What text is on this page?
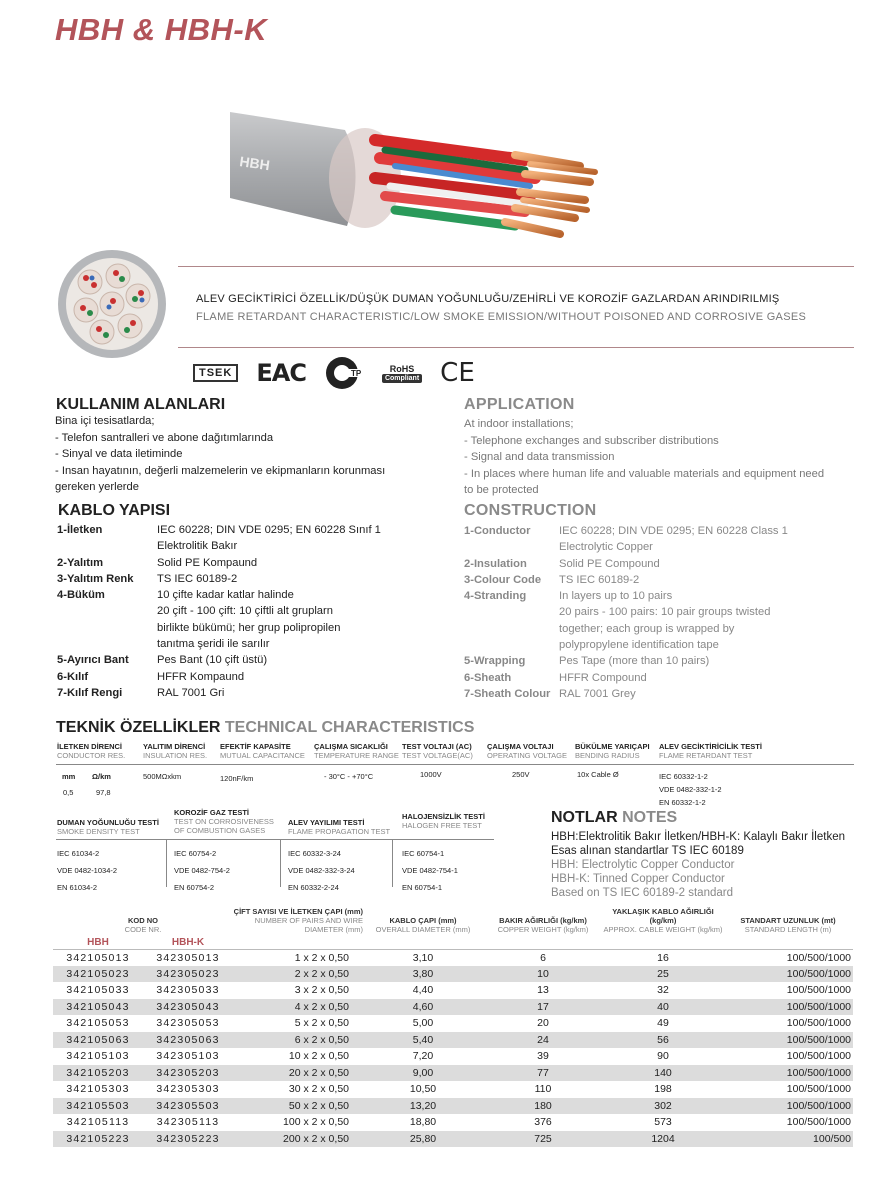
HBH & HBH-K
HBH
ALEV GECİKTİRİCİ ÖZELLİK/DÜŞÜK DUMAN YOĞUNLUĞU/ZEHİRLİ VE KOROZİF GAZLARDAN ARINDIRILMIŞ
FLAME RETARDANT CHARACTERISTIC/LOW SMOKE EMISSION/WITHOUT POISONED AND CORROSIVE GASES
TSEK EAC	TP	RoHS
Compliant CE
KULLANIM ALANLARI
Bina içi tesisatlarda;
- Telefon santralleri ve abone dağıtımlarında
- Sinyal ve data iletiminde
- Insan hayatının, değerli malzemelerin ve ekipmanların korunması
gereken yerlerde
APPLICATION
At indoor installations;
- Telephone exchanges and subscriber distributions
- Signal and data transmission
- In places where human life and valuable materials and equipment need
to be protected
KABLO YAPISI
1-İletken	IEC 60228; DIN VDE 0295; EN 60228 Sınıf 1
Elektrolitik Bakır
2-Yalıtım	Solid PE Kompaund
3-Yalıtım Renk	TS IEC 60189-2
4-Büküm	10 çifte kadar katlar halinde
20 çift - 100 çift: 10 çiftli alt gruplarn
birlikte bükümü; her grup polipropilen
tanıtma şeridi ile sarılır
5-Ayırıcı Bant	Pes Bant (10 çift üstü)
6-Kılıf	HFFR Kompaund
7-Kılıf Rengi	RAL 7001 Gri
CONSTRUCTION
1-Conductor	IEC 60228; DIN VDE 0295; EN 60228 Class 1
Electrolytic Copper
2-Insulation	Solid PE Compound
3-Colour Code	TS IEC 60189-2
4-Stranding	In layers up to 10 pairs
20 pairs - 100 pairs: 10 pair groups twisted
together; each group is wrapped by
polypropylene identification tape
5-Wrapping	Pes Tape (more than 10 pairs)
6-Sheath	HFFR Compound
7-Sheath Colour RAL 7001 Grey
TEKNİK ÖZELLİKLER TECHNICAL CHARACTERISTICS
İLETKEN DİRENCİ
CONDUCTOR RES.
YALITIM DİRENCİ
INSULATION RES.
EFEKTİF KAPASİTE
MUTUAL CAPACITANCE
ÇALIŞMA SICAKLIĞI
TEMPERATURE RANGE
TEST VOLTAJI (AC)
TEST VOLTAGE(AC)
ÇALIŞMA VOLTAJI
OPERATING VOLTAGE
BÜKÜLME YARIÇAPI
BENDING RADIUS
ALEV GECİKTİRİCİLİK TESTİ
FLAME RETARDANT TEST
mm Ω/km
0,5	97,8
500MΩxkm	120nF/km	- 30°C - +70°C	1000V	250V	10x Cable Ø	IEC 60332-1-2
VDE 0482-332-1-2
EN 60332-1-2
DUMAN YOĞUNLUĞU TESTİ
SMOKE DENSITY TEST
KOROZİF GAZ TESTİ
TEST ON CORROSIVENESS OF COMBUSTION GASES
ALEV YAYILIMI TESTİ
FLAME PROPAGATION TEST
HALOJENSİZLİK TESTİ
HALOGEN FREE TEST
IEC 61034-2
VDE 0482-1034-2
EN 61034-2
IEC 60754-2
VDE 0482-754-2
EN 60754-2
IEC 60332-3-24
VDE 0482-332-3-24
EN 60332-2-24
IEC 60754-1
VDE 0482-754-1
EN 60754-1
NOTLAR NOTES
HBH:Elektrolitik Bakır İletken/HBH-K: Kalaylı Bakır İletken
Esas alınan standartlar TS IEC 60189
HBH: Electrolytic Copper Conductor
HBH-K: Tinned Copper Conductor
Based on TS IEC 60189-2 standard
KOD NO
CODE NR.		ÇİFT SAYISI VE İLETKEN ÇAPI (mm)
NUMBER OF PAIRS AND WIRE DIAMETER (mm)	KABLO ÇAPI (mm)
OVERALL DIAMETER (mm)	BAKIR AĞIRLIĞI (kg/km)
COPPER WEIGHT (kg/km)	YAKLAŞIK KABLO AĞIRLIĞI (kg/km)
APPROX. CABLE WEIGHT (kg/km)	STANDART UZUNLUK (mt)
STANDARD LENGTH (m)

HBH	HBH-K					
342105013	342305013	1 x 2 x 0,50	3,10	6	16	100/500/1000
342105023	342305023	2 x 2 x 0,50	3,80	10	25	100/500/1000
342105033	342305033	3 x 2 x 0,50	4,40	13	32	100/500/1000
342105043	342305043	4 x 2 x 0,50	4,60	17	40	100/500/1000
342105053	342305053	5 x 2 x 0,50	5,00	20	49	100/500/1000
342105063	342305063	6 x 2 x 0,50	5,40	24	56	100/500/1000
342105103	342305103	10 x 2 x 0,50	7,20	39	90	100/500/1000
342105203	342305203	20 x 2 x 0,50	9,00	77	140	100/500/1000
342105303	342305303	30 x 2 x 0,50	10,50	110	198	100/500/1000
342105503	342305503	50 x 2 x 0,50	13,20	180	302	100/500/1000
342105113	342305113	100 x 2 x 0,50	18,80	376	573	100/500/1000
342105223	342305223	200 x 2 x 0,50	25,80	725	1204	100/500
